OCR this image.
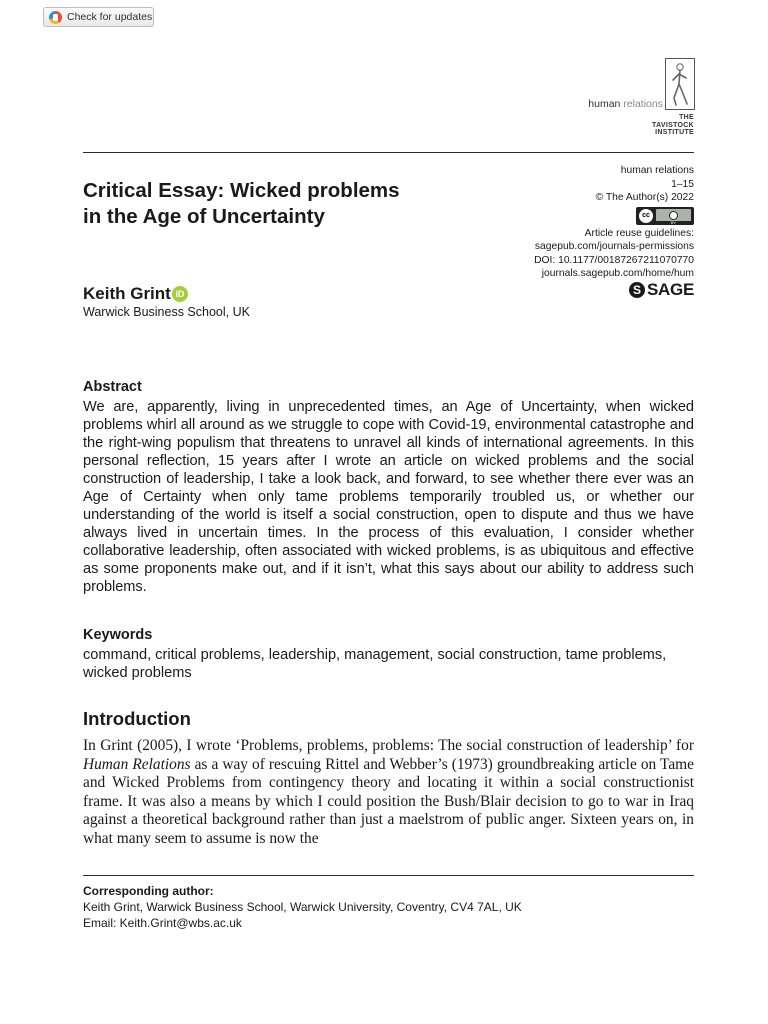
Check for updates
human relations
THE
TAVISTOCK
INSTITUTE
Critical Essay: Wicked problems
in the Age of Uncertainty
human relations
1–15
© The Author(s) 2022
cc
BY
Article reuse guidelines:
sagepub.com/journals-permissions
DOI: 10.1177/00187267211070770
journals.sagepub.com/home/hum
S SAGE
Keith Grint iD
Warwick Business School, UK
Abstract
We are, apparently, living in unprecedented times, an Age of Uncertainty, when wicked problems whirl all around as we struggle to cope with Covid-19, environmental catastrophe and the right-wing populism that threatens to unravel all kinds of international agreements. In this personal reflection, 15 years after I wrote an article on wicked problems and the social construction of leadership, I take a look back, and forward, to see whether there ever was an Age of Certainty when only tame problems temporarily troubled us, or whether our understanding of the world is itself a social construction, open to dispute and thus we have always lived in uncertain times. In the process of this evaluation, I consider whether collaborative leadership, often associated with wicked problems, is as ubiquitous and effective as some proponents make out, and if it isn’t, what this says about our ability to address such problems.
Keywords
command, critical problems, leadership, management, social construction, tame problems, wicked problems
Introduction
In Grint (2005), I wrote ‘Problems, problems, problems: The social construction of leadership’ for Human Relations as a way of rescuing Rittel and Webber’s (1973) groundbreaking article on Tame and Wicked Problems from contingency theory and locating it within a social constructionist frame. It was also a means by which I could position the Bush/Blair decision to go to war in Iraq against a theoretical background rather than just a maelstrom of public anger. Sixteen years on, in what many seem to assume is now the
Corresponding author:
Keith Grint, Warwick Business School, Warwick University, Coventry, CV4 7AL, UK
Email: Keith.Grint@wbs.ac.uk
